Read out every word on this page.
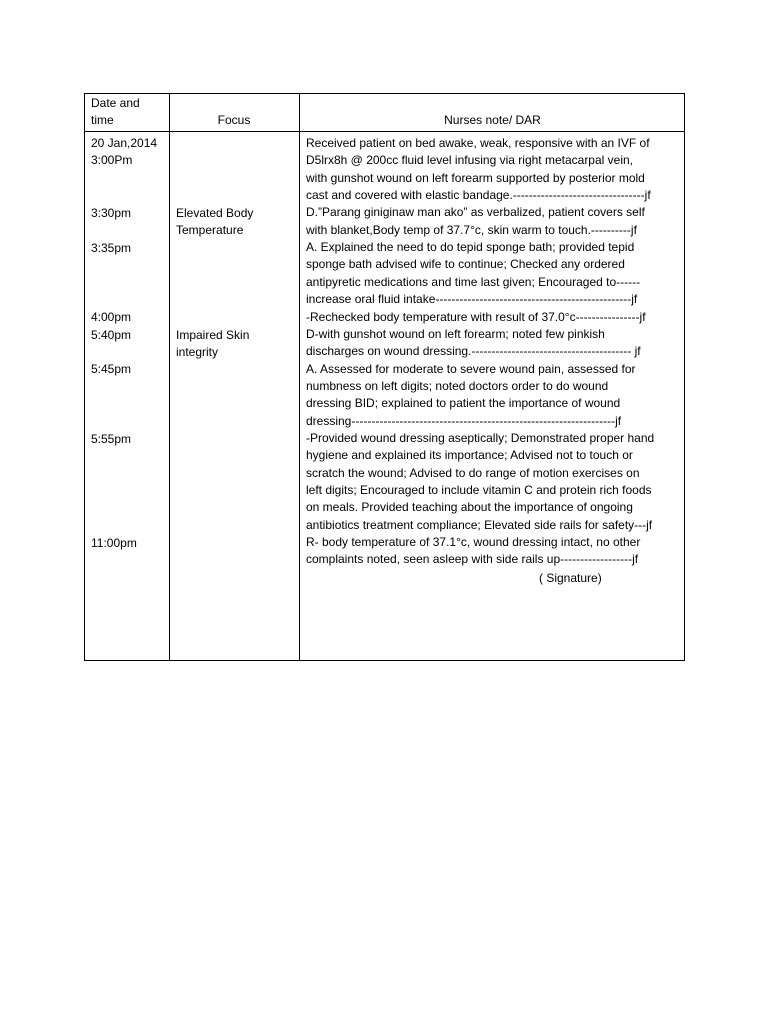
Date and time	Focus	Nurses note/ DAR
20 Jan,2014
3:00Pm
3:30pm
3:35pm
4:00pm
5:40pm
5:45pm
5:55pm
11:00pm
Elevated Body
Temperature
Impaired Skin
integrity
Received patient on bed awake, weak, responsive with an IVF of
D5lrx8h @ 200cc fluid level infusing via right metacarpal vein,
with gunshot wound on left forearm supported by posterior mold
cast and covered with elastic bandage.---------------------------------jf
D.”Parang giniginaw man ako” as verbalized, patient covers self
with blanket,Body temp of 37.7°c, skin warm to touch.----------jf
A. Explained the need to do tepid sponge bath; provided tepid
sponge bath advised wife to continue; Checked any ordered
antipyretic medications and time last given; Encouraged to------
increase oral fluid intake-------------------------------------------------jf
-Rechecked body temperature with result of 37.0°c----------------jf
D-with gunshot wound on left forearm; noted few pinkish
discharges on wound dressing.---------------------------------------- jf
A. Assessed for moderate to severe wound pain, assessed for
numbness on left digits; noted doctors order to do wound
dressing BID; explained to patient the importance of wound
dressing------------------------------------------------------------------jf
-Provided wound dressing aseptically; Demonstrated proper hand
hygiene and explained its importance; Advised not to touch or
scratch the wound; Advised to do range of motion exercises on
left digits; Encouraged to include vitamin C and protein rich foods
on meals. Provided teaching about the importance of ongoing
antibiotics treatment compliance; Elevated side rails for safety---jf
R- body temperature of 37.1°c, wound dressing intact, no other
complaints noted, seen asleep with side rails up------------------jf
( Signature)
